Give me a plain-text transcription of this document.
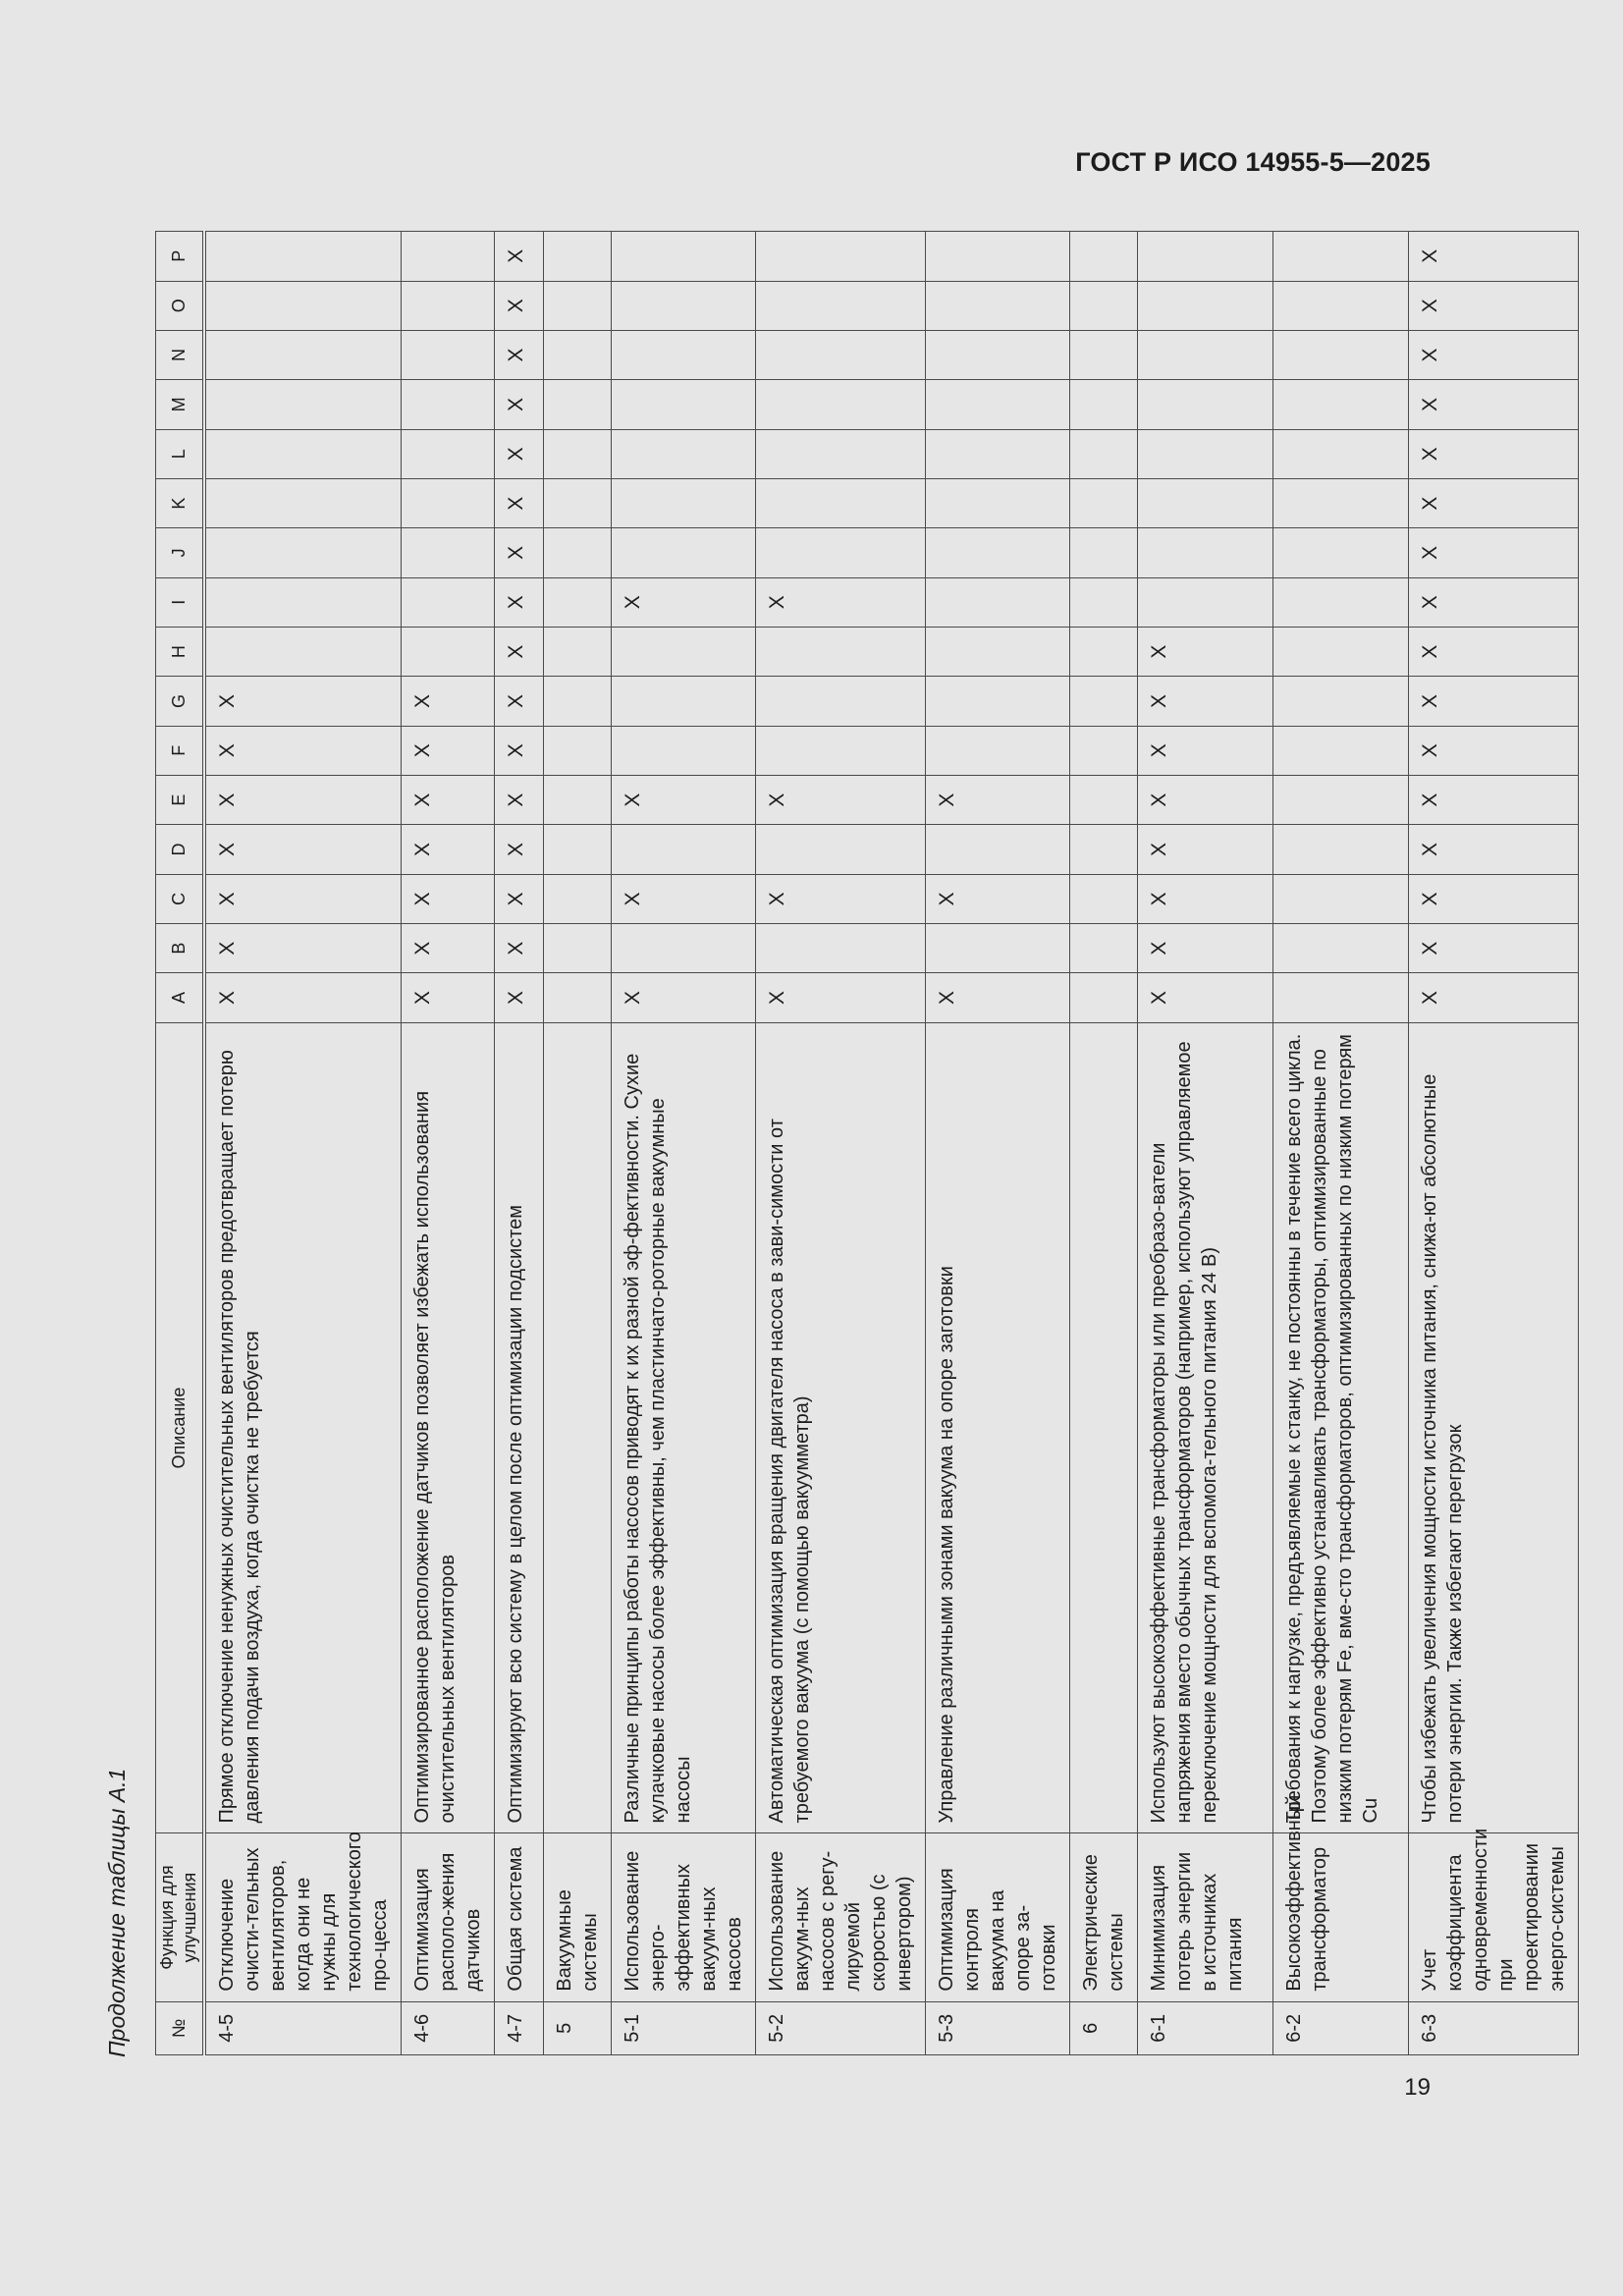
ГОСТ Р ИСО 14955-5—2025
Продолжение таблицы А.1 №	Функция для улучшения	Описание	A	B	C	D	E	F	G	H	I	J	K	L	M	N	O	P
4-5	Отключение очисти-тельных вентиляторов, когда они не нужны для технологического про-цесса	Прямое отключение ненужных очистительных вентиляторов предотвращает потерю давления подачи воздуха, когда очистка не требуется	X	X	X	X	X	X	X									
4-6	Оптимизация располо-жения датчиков	Оптимизированное расположение датчиков позволяет избежать использования очистительных вентиляторов	X	X	X	X	X	X	X									
4-7	Общая система	Оптимизируют всю систему в целом после оптимизации подсистем	X	X	X	X	X	X	X	X	X	X	X	X	X	X	X	X
5	Вакуумные системы																	
5-1	Использование энерго-эффективных вакуум-ных насосов	Различные принципы работы насосов приводят к их разной эф-фективности. Сухие кулачковые насосы более эффективны, чем пластинчато-роторные вакуумные насосы	X		X		X				X							
5-2	Использование вакуум-ных насосов с регу-лируемой скоростью (с инвертором)	Автоматическая оптимизация вращения двигателя насоса в зави-симости от требуемого вакуума (с помощью вакуумметра)	X		X		X				X							
5-3	Оптимизация контроля вакуума на опоре за-готовки	Управление различными зонами вакуума на опоре заготовки	X		X		X											
6	Электрические системы																	
6-1	Минимизация потерь энергии в источниках питания	Используют высокоэффективные трансформаторы или преобразо-ватели напряжения вместо обычных трансформаторов (например, используют управляемое переключение мощности для вспомога-тельного питания 24 В)	X	X	X	X	X	X	X	X								
6-2	Высокоэффективный трансформатор	Требования к нагрузке, предъявляемые к станку, не постоянны в течение всего цикла. Поэтому более эффективно устанавливать трансформаторы, оптимизированные по низким потерям Fe, вме-сто трансформаторов, оптимизированных по низким потерям Cu																
6-3	Учет коэффициента одновременности при проектировании энерго-системы	Чтобы избежать увеличения мощности источника питания, снижа-ют абсолютные потери энергии. Также избегают перегрузок	X	X	X	X	X	X	X	X	X	X	X	X	X	X	X	X
19
